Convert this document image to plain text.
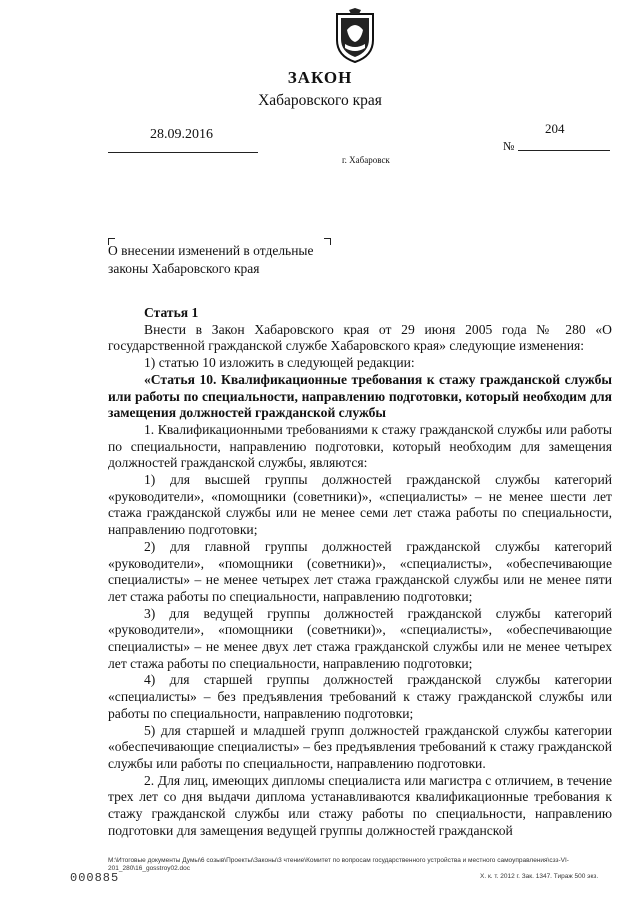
ЗАКОН
Хабаровского края
28.09.2016	204
№
г. Хабаровск
О внесении изменений в отдельные
законы Хабаровского края

Статья 1

Внести в Закон Хабаровского края от 29 июня 2005 года № 280 «О государственной гражданской службе Хабаровского края» следующие изменения:

1) статью 10 изложить в следующей редакции:

«Статья 10. Квалификационные требования к стажу гражданской службы или работы по специальности, направлению подготовки, который необходим для замещения должностей гражданской службы

1. Квалификационными требованиями к стажу гражданской службы или работы по специальности, направлению подготовки, который необходим для замещения должностей гражданской службы, являются:

1) для высшей группы должностей гражданской службы категорий «руководители», «помощники (советники)», «специалисты» – не менее шести лет стажа гражданской службы или не менее семи лет стажа работы по специальности, направлению подготовки;

2) для главной группы должностей гражданской службы категорий «руководители», «помощники (советники)», «специалисты», «обеспечивающие специалисты» – не менее четырех лет стажа гражданской службы или не менее пяти лет стажа работы по специальности, направлению подготовки;

3) для ведущей группы должностей гражданской службы категорий «руководители», «помощники (советники)», «специалисты», «обеспечивающие специалисты» – не менее двух лет стажа гражданской службы или не менее четырех лет стажа работы по специальности, направлению подготовки;

4) для старшей группы должностей гражданской службы категории «специалисты» – без предъявления требований к стажу гражданской службы или работы по специальности, направлению подготовки;

5) для старшей и младшей групп должностей гражданской службы категории «обеспечивающие специалисты» – без предъявления требований к стажу гражданской службы или работы по специальности, направлению подготовки.

2. Для лиц, имеющих дипломы специалиста или магистра с отличием, в течение трех лет со дня выдачи диплома устанавливаются квалификационные требования к стажу гражданской службы или стажу работы по специальности, направлению подготовки для замещения ведущей группы должностей гражданской

M:\Итоговые документы Думы\6 созыв\Проекты\Законы\3 чтение\Комитет по вопросам государственного устройства и местного самоуправления\сзз-VI-201_280\16_gosstroy02.doc
000885	Х. к. т. 2012 г. Зак. 1347. Тираж 500 экз.
